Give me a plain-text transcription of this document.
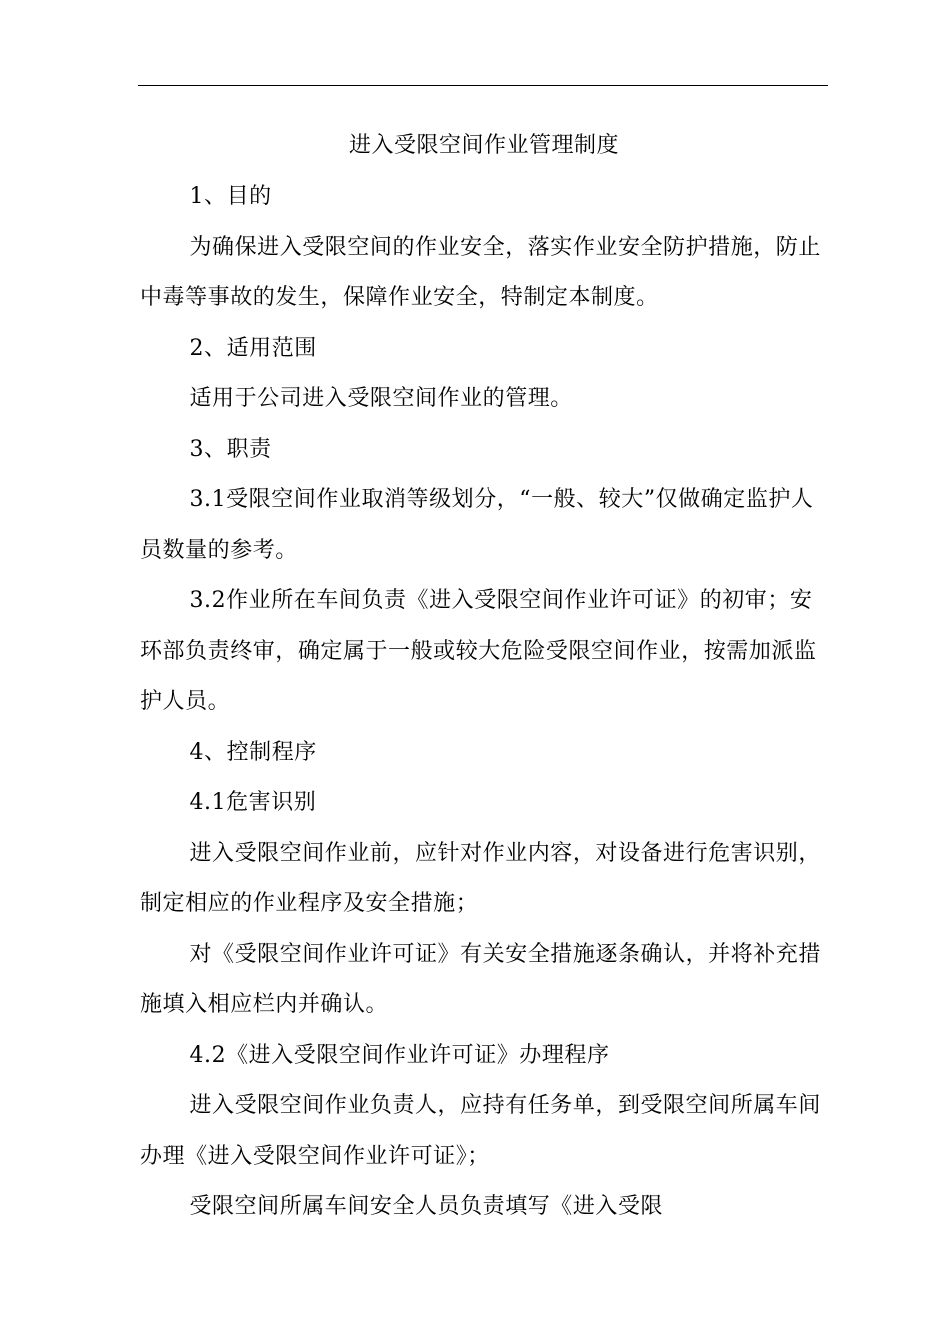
进入受限空间作业管理制度

1、目的

为确保进入受限空间的作业安全，落实作业安全防护措施，防止中毒等事故的发生，保障作业安全，特制定本制度。

2、适用范围

适用于公司进入受限空间作业的管理。

3、职责

3.1受限空间作业取消等级划分，“一般、较大”仅做确定监护人员数量的参考。

3.2作业所在车间负责《进入受限空间作业许可证》的初审；安环部负责终审，确定属于一般或较大危险受限空间作业，按需加派监护人员。

4、控制程序

4.1危害识别

进入受限空间作业前，应针对作业内容，对设备进行危害识别，制定相应的作业程序及安全措施；

对《受限空间作业许可证》有关安全措施逐条确认，并将补充措施填入相应栏内并确认。

4.2《进入受限空间作业许可证》办理程序

进入受限空间作业负责人，应持有任务单，到受限空间所属车间办理《进入受限空间作业许可证》；

受限空间所属车间安全人员负责填写《进入受限
